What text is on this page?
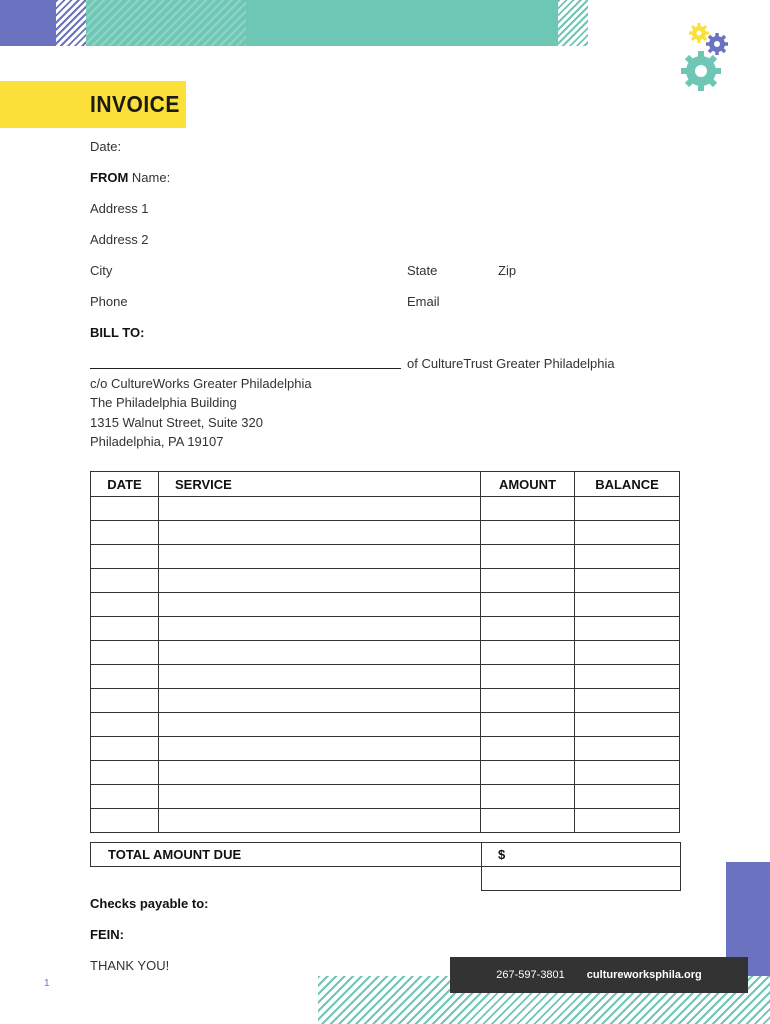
INVOICE
Date:
FROM Name:
Address 1
Address 2
City	State	Zip
Phone	Email
BILL TO:
of CultureTrust Greater Philadelphia
c/o CultureWorks Greater Philadelphia
The Philadelphia Building
1315 Walnut Street, Suite 320
Philadelphia, PA 19107
DATE	SERVICE	AMOUNT	BALANCE

TOTAL AMOUNT DUE	$

Checks payable to:
FEIN:
THANK YOU!
267-597-3801 cultureworksphila.org
1
